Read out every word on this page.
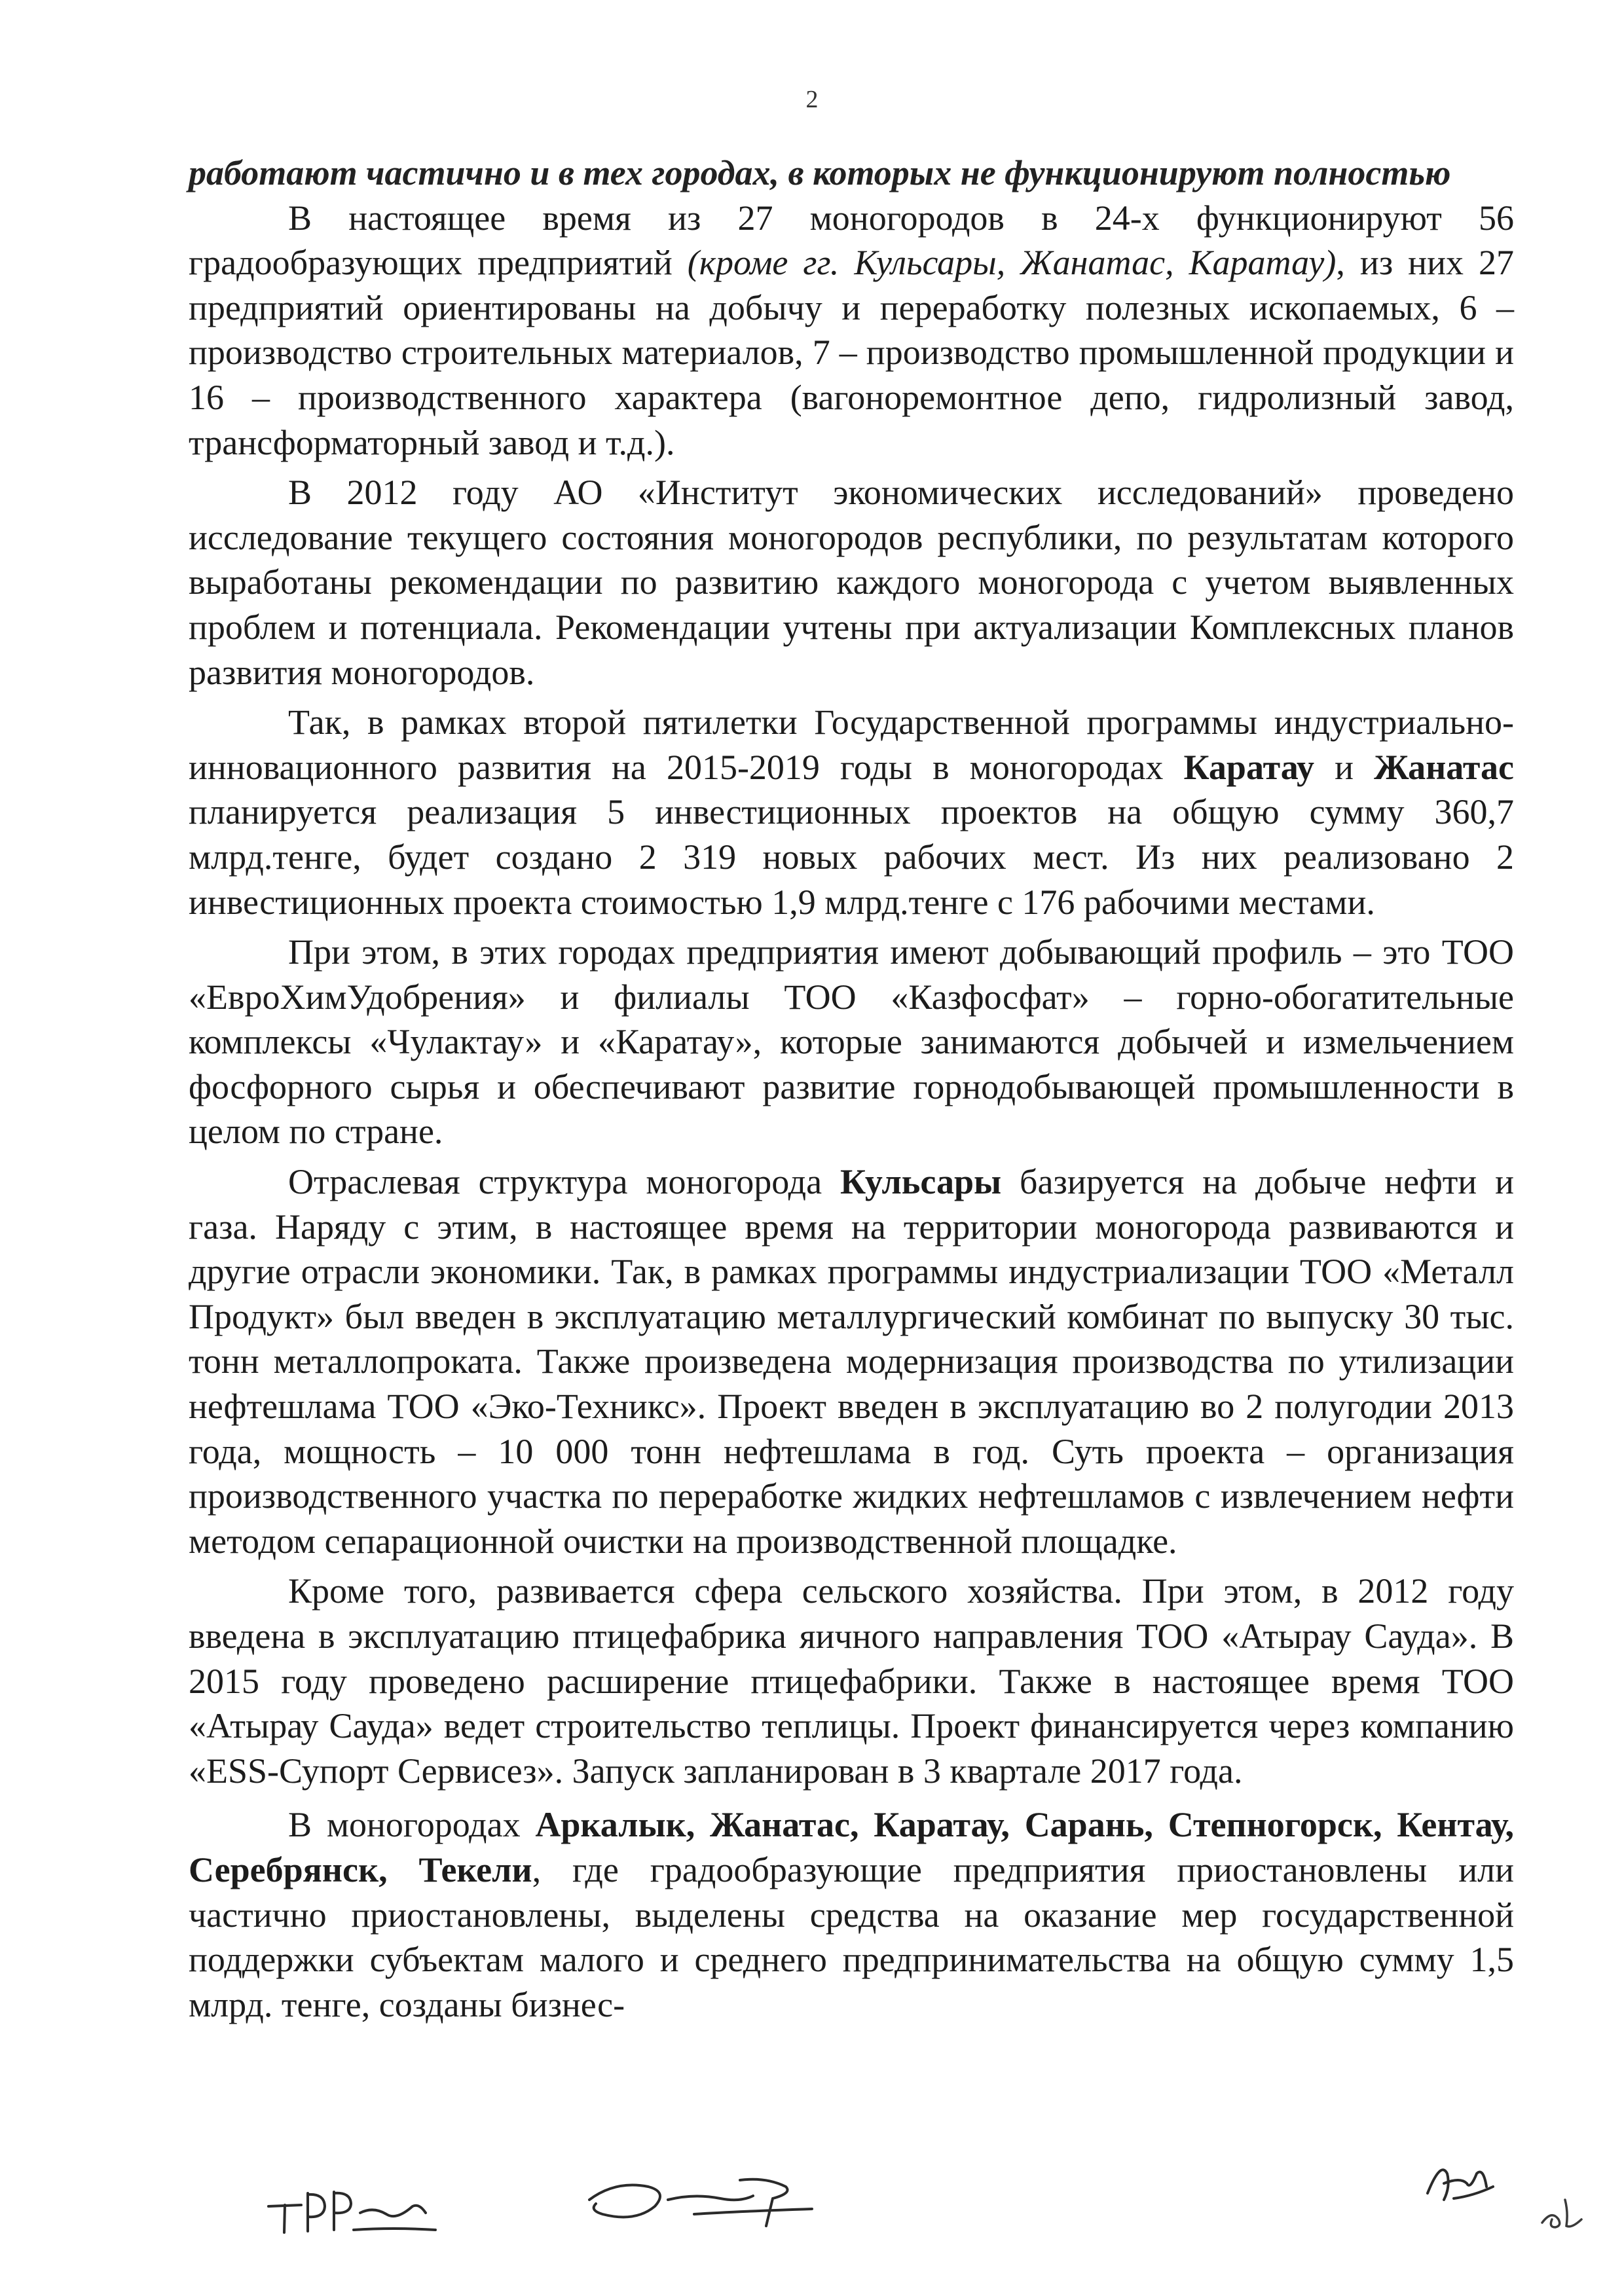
2

работают частично и в тех городах, в которых не функционируют полностью

В настоящее время из 27 моногородов в 24-х функционируют 56 градообразующих предприятий (кроме гг. Кульсары, Жанатас, Каратау), из них 27 предприятий ориентированы на добычу и переработку полезных ископаемых, 6 – производство строительных материалов, 7 – производство промышленной продукции и 16 – производственного характера (вагоноремонтное депо, гидролизный завод, трансформаторный завод и т.д.).

В 2012 году АО «Институт экономических исследований» проведено исследование текущего состояния моногородов республики, по результатам которого выработаны рекомендации по развитию каждого моногорода с учетом выявленных проблем и потенциала. Рекомендации учтены при актуализации Комплексных планов развития моногородов.

Так, в рамках второй пятилетки Государственной программы индустриально-инновационного развития на 2015-2019 годы в моногородах Каратау и Жанатас планируется реализация 5 инвестиционных проектов на общую сумму 360,7 млрд.тенге, будет создано 2 319 новых рабочих мест. Из них реализовано 2 инвестиционных проекта стоимостью 1,9 млрд.тенге с 176 рабочими местами.

При этом, в этих городах предприятия имеют добывающий профиль – это ТОО «ЕвроХимУдобрения» и филиалы ТОО «Казфосфат» – горно-обогатительные комплексы «Чулактау» и «Каратау», которые занимаются добычей и измельчением фосфорного сырья и обеспечивают развитие горнодобывающей промышленности в целом по стране.

Отраслевая структура моногорода Кульсары базируется на добыче нефти и газа. Наряду с этим, в настоящее время на территории моногорода развиваются и другие отрасли экономики. Так, в рамках программы индустриализации ТОО «Металл Продукт» был введен в эксплуатацию металлургический комбинат по выпуску 30 тыс. тонн металлопроката. Также произведена модернизация производства по утилизации нефтешлама ТОО «Эко-Техникс». Проект введен в эксплуатацию во 2 полугодии 2013 года, мощность – 10 000 тонн нефтешлама в год. Суть проекта – организация производственного участка по переработке жидких нефтешламов с извлечением нефти методом сепарационной очистки на производственной площадке.

Кроме того, развивается сфера сельского хозяйства. При этом, в 2012 году введена в эксплуатацию птицефабрика яичного направления ТОО «Атырау Сауда». В 2015 году проведено расширение птицефабрики. Также в настоящее время ТОО «Атырау Сауда» ведет строительство теплицы. Проект финансируется через компанию «ESS-Супорт Сервисез». Запуск запланирован в 3 квартале 2017 года.

В моногородах Аркалык, Жанатас, Каратау, Сарань, Степногорск, Кентау, Серебрянск, Текели, где градообразующие предприятия приостановлены или частично приостановлены, выделены средства на оказание мер государственной поддержки субъектам малого и среднего предпринимательства на общую сумму 1,5 млрд. тенге, созданы бизнес-
